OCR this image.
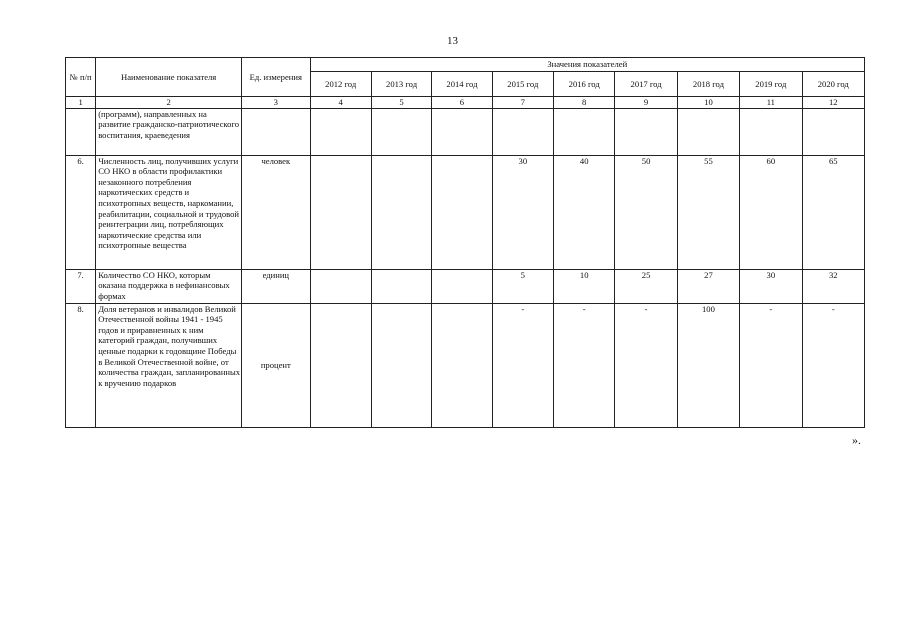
13
№ п/п	Наименование показателя	Ед. измерения	Значения показателей								
			2012 год	2013 год	2014 год	2015 год	2016 год	2017 год	2018 год	2019 год	2020 год
1	2	3	4	5	6	7	8	9	10	11	12
	(программ), направленных на развитие гражданско-патриотического воспитания, краеведения										
6.	Численность лиц, получивших услуги СО НКО в области профилактики незаконного потребления наркотических средств и психотропных веществ, наркомании, реабилитации, социальной и трудовой реинтеграции лиц, потребляющих наркотические средства или психотропные вещества	человек				30	40	50	55	60	65
7.	Количество СО НКО, которым оказана поддержка в нефинансовых формах	единиц				5	10	25	27	30	32
8.	Доля ветеранов и инвалидов Великой Отечественной войны 1941 - 1945 годов и приравненных к ним категорий граждан, получивших ценные подарки к годовщине Победы в Великой Отечественной войне, от количества граждан, запланированных к вручению подарков	процент				-	-	-	100	-	-
».
